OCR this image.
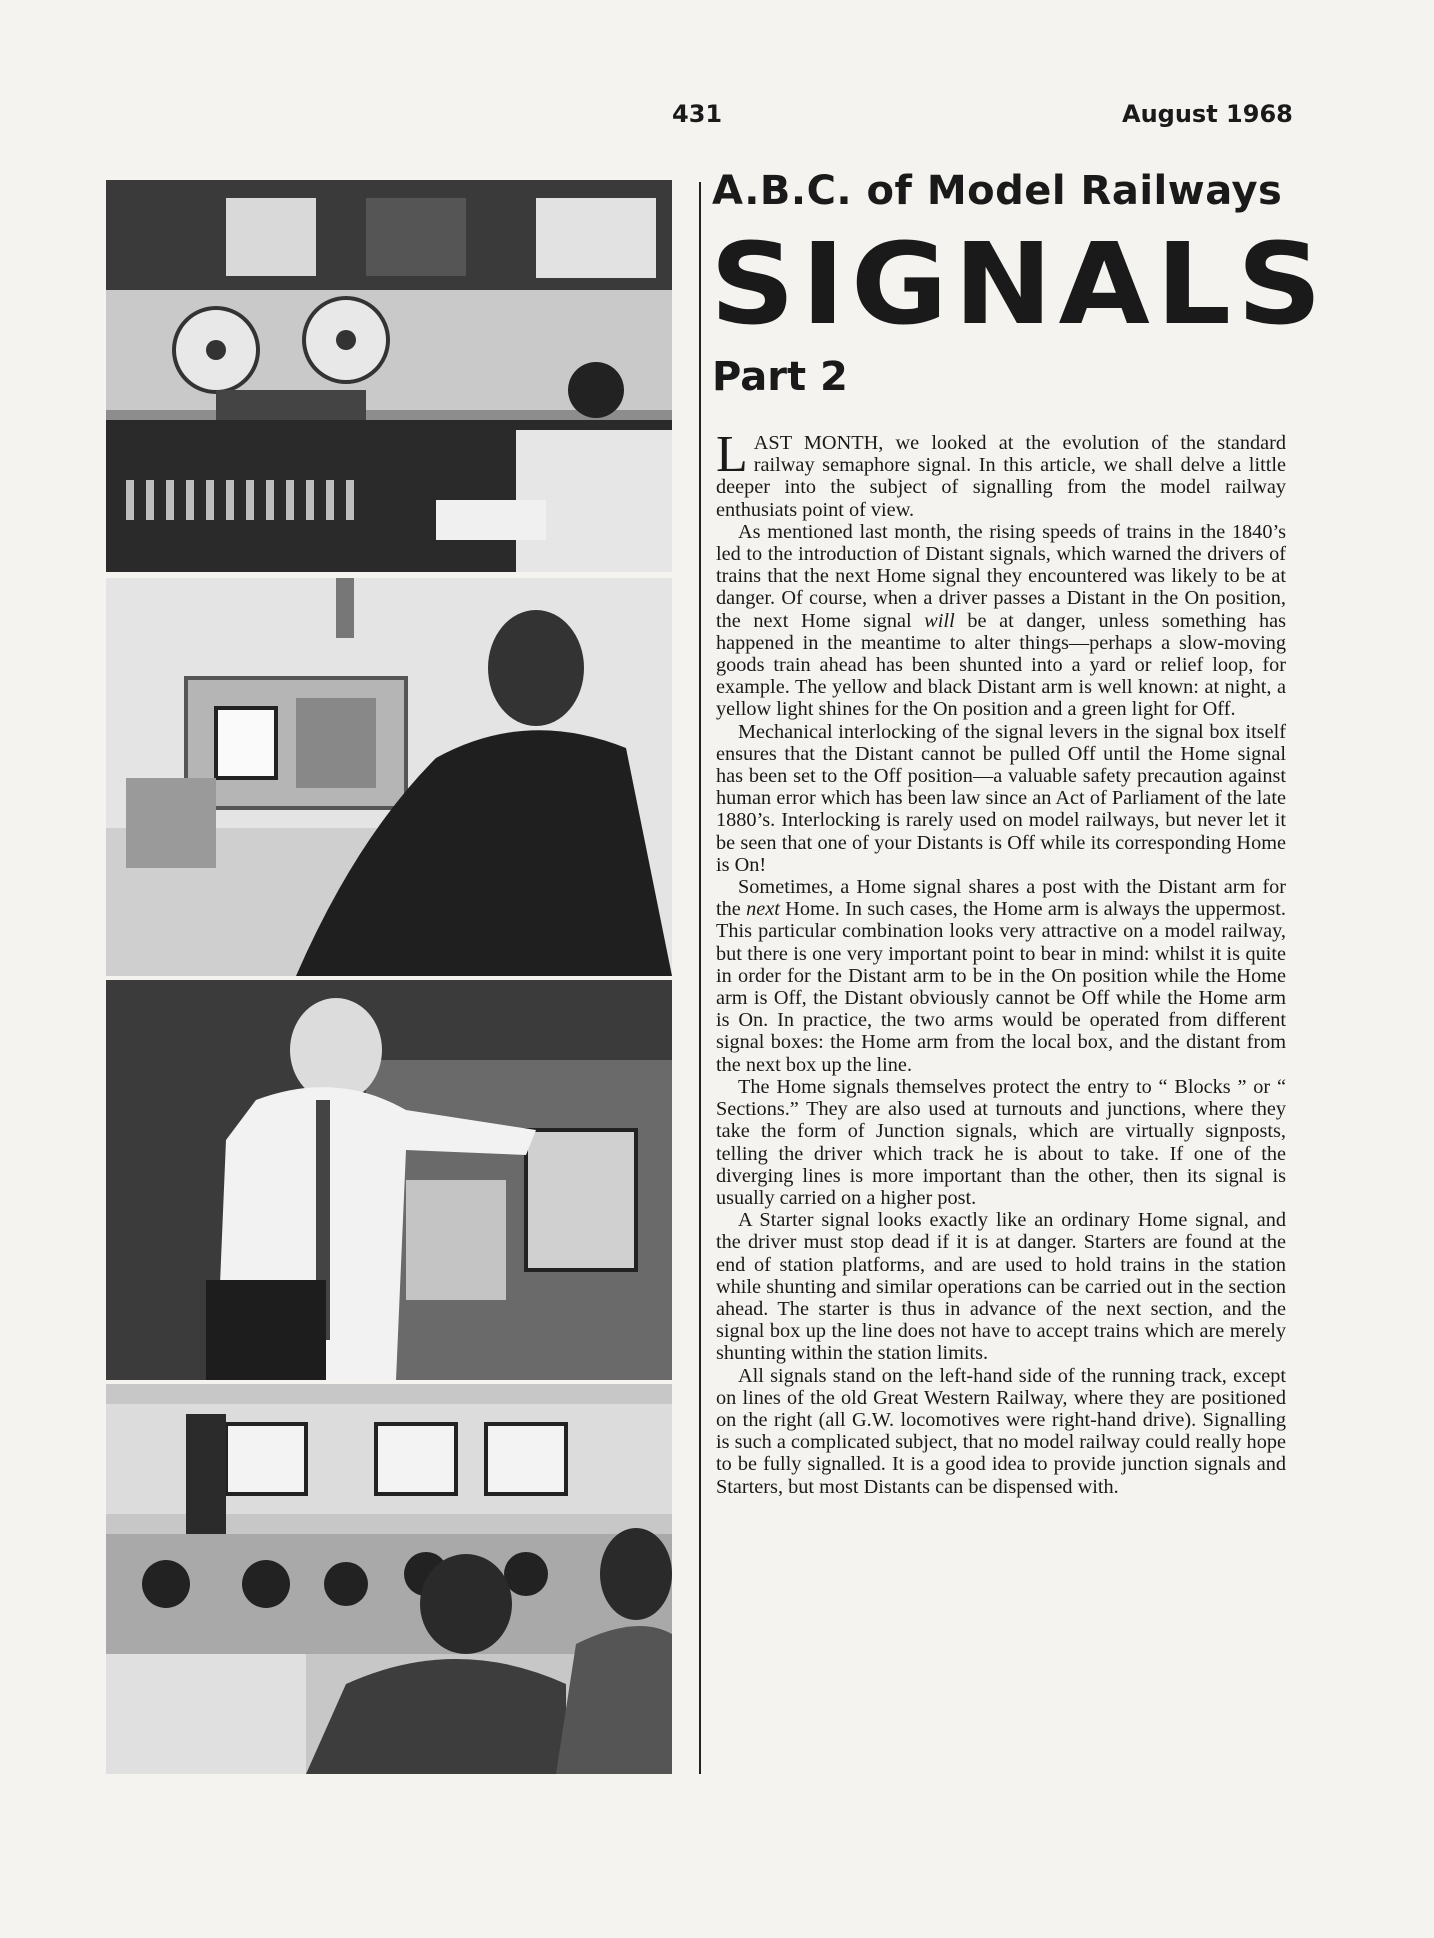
431	August 1968
A.B.C. of Model Railways
SIGNALS
Part 2

LAST MONTH, we looked at the evolution of the standard railway semaphore signal. In this article, we shall delve a little deeper into the subject of signalling from the model railway enthusiats point of view.

As mentioned last month, the rising speeds of trains in the 1840’s led to the introduction of Distant signals, which warned the drivers of trains that the next Home signal they encountered was likely to be at danger. Of course, when a driver passes a Distant in the On position, the next Home signal will be at danger, unless something has happened in the meantime to alter things—perhaps a slow-moving goods train ahead has been shunted into a yard or relief loop, for example. The yellow and black Distant arm is well known: at night, a yellow light shines for the On position and a green light for Off.

Mechanical interlocking of the signal levers in the signal box itself ensures that the Distant cannot be pulled Off until the Home signal has been set to the Off position—a valuable safety precaution against human error which has been law since an Act of Parliament of the late 1880’s. Interlocking is rarely used on model railways, but never let it be seen that one of your Distants is Off while its corresponding Home is On!

Sometimes, a Home signal shares a post with the Distant arm for the next Home. In such cases, the Home arm is always the uppermost. This particular combination looks very attractive on a model railway, but there is one very important point to bear in mind: whilst it is quite in order for the Distant arm to be in the On position while the Home arm is Off, the Distant obviously cannot be Off while the Home arm is On. In practice, the two arms would be operated from different signal boxes: the Home arm from the local box, and the distant from the next box up the line.

The Home signals themselves protect the entry to “ Blocks ” or “ Sections.” They are also used at turnouts and junctions, where they take the form of Junction signals, which are virtually signposts, telling the driver which track he is about to take. If one of the diverging lines is more important than the other, then its signal is usually carried on a higher post.

A Starter signal looks exactly like an ordinary Home signal, and the driver must stop dead if it is at danger. Starters are found at the end of station platforms, and are used to hold trains in the station while shunting and similar operations can be carried out in the section ahead. The starter is thus in advance of the next section, and the signal box up the line does not have to accept trains which are merely shunting within the station limits.

All signals stand on the left-hand side of the running track, except on lines of the old Great Western Railway, where they are positioned on the right (all G.W. locomotives were right-hand drive). Signalling is such a complicated subject, that no model railway could really hope to be fully signalled. It is a good idea to provide junction signals and Starters, but most Distants can be dispensed with.
